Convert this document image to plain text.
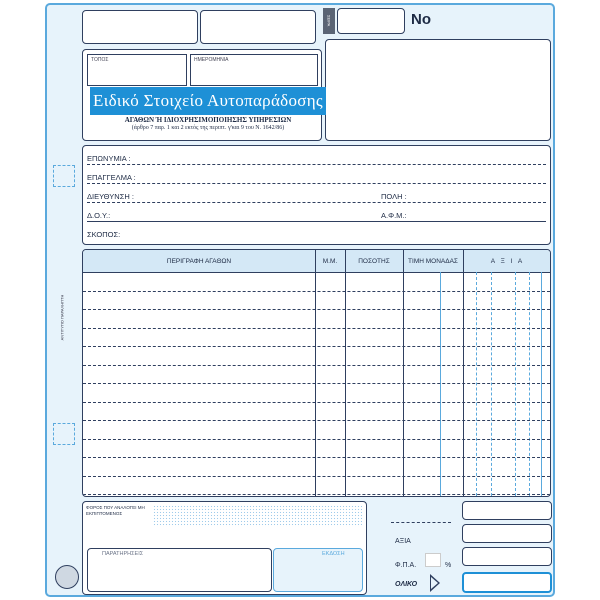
ΑΝΤΙΤΥΠΟ ΠΑΡΑΛΗΠΤΗ
ΣΕΙΡΑ	No
ΤΟΠΟΣ	ΗΜΕΡΟΜΗΝΙΑ
Ειδικό Στοιχείο Αυτοπαράδοσης
ΑΓΑΘΩΝ Ή ΙΔΙΟΧΡΗΣΙΜΟΠΟΙΗΣΗΣ ΥΠΗΡΕΣΙΩΝ
(άρθρο 7 παρ. 1 και 2 εκτός της περιπτ. γ'και 9 του Ν. 1642/86)
ΕΠΩΝΥΜΙΑ :
ΕΠΑΓΓΕΛΜΑ :
ΔΙΕΥΘΥΝΣΗ :	ΠΟΛΗ :
Δ.Ο.Υ.:	Α.Φ.Μ.:
ΣΚΟΠΟΣ:
ΠΕΡΙΓΡΑΦΗ ΑΓΑΘΩΝ	Μ.Μ.	ΠΟΣΟΤΗΣ	ΤΙΜΗ ΜΟΝΑΔΑΣ	Α Ξ Ι Α
ΦΟΡΟΣ ΠΟΥ ΑΝΑΛΟΓΕΙ ΜΗ ΕΚΠΙΠΤΟΜΕΝΟΣ
ΠΑΡΑΤΗΡΗΣΕΙΣ	ΕΚΔΟΣΗ
ΑΞΙΑ
Φ.Π.Α.	%
ΟΛΙΚΟ
